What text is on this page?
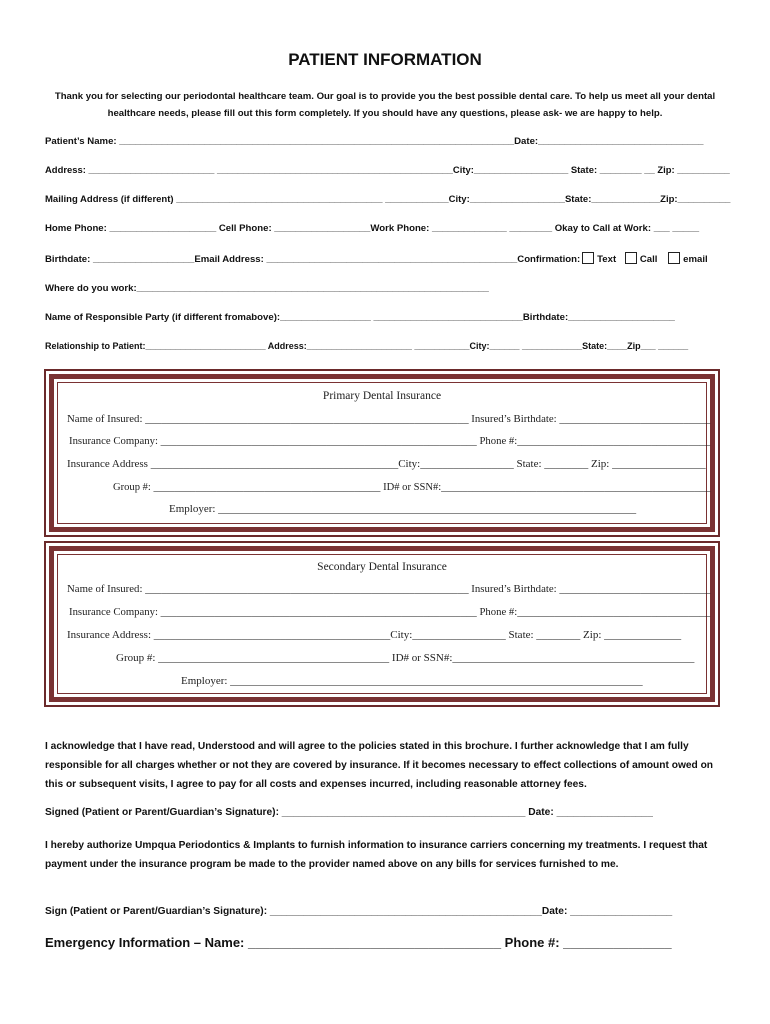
PATIENT INFORMATION
Thank you for selecting our periodontal healthcare team. Our goal is to provide you the best possible dental care. To help us meet all your dental healthcare needs, please fill out this form completely. If you should have any questions, please ask- we are happy to help.
Patient’s Name: __________________________________________________________________________Date:_______________________________
Address: ________________________ _____________________________________________City:__________________ State: ________ __ Zip: __________
Mailing Address (if different) _______________________________________ ____________City:__________________State:_____________Zip:__________
Home Phone: ____________________ Cell Phone: __________________Work Phone: ______________ ________ Okay to Call at Work: ___ _____
Birthdate: ___________________Email Address: _______________________________________________Confirmation: Text Call	email
Where do you work:__________________________________________________________________
Name of Responsible Party (if different fromabove):_________________ ____________________________Birthdate:____________________
Relationship to Patient:________________________ Address:_____________________ ___________City:______ ____________State:____Zip___ ______
Primary Dental Insurance
Name of Insured: ____________________________________________________________ Insured’s Birthdate: ____________________________
Insurance Company: ___________________________________________________________ Phone #:____________________________________
Insurance Address _____________________________________________City:_________________ State: ________ Zip: _________________
Group #: ___________________________________________ ID# or SSN#:___________________________________________________
Employer: ____________________________________________________________________________
Secondary Dental Insurance
Name of Insured: ____________________________________________________________ Insured’s Birthdate: ____________________________
Insurance Company: ___________________________________________________________ Phone #:____________________________________
Insurance Address: ___________________________________________City:_________________ State: ________ Zip: ______________
Group #: __________________________________________ ID# or SSN#:____________________________________________
Employer: ___________________________________________________________________________
I acknowledge that I have read, Understood and will agree to the policies stated in this brochure. I further acknowledge that I am fully responsible for all charges whether or not they are covered by insurance. If it becomes necessary to effect collections of amount owed on this or subsequent visits, I agree to pay for all costs and expenses incurred, including reasonable attorney fees.
Signed (Patient or Parent/Guardian’s Signature): ___________________________________________ Date: _________________
I hereby authorize Umpqua Periodontics & Implants to furnish information to insurance carriers concerning my treatments. I request that payment under the insurance program be made to the provider named above on any bills for services furnished to me.
Sign (Patient or Parent/Guardian’s Signature): ________________________________________________Date: __________________
Emergency Information – Name: ___________________________________ Phone #: _______________
